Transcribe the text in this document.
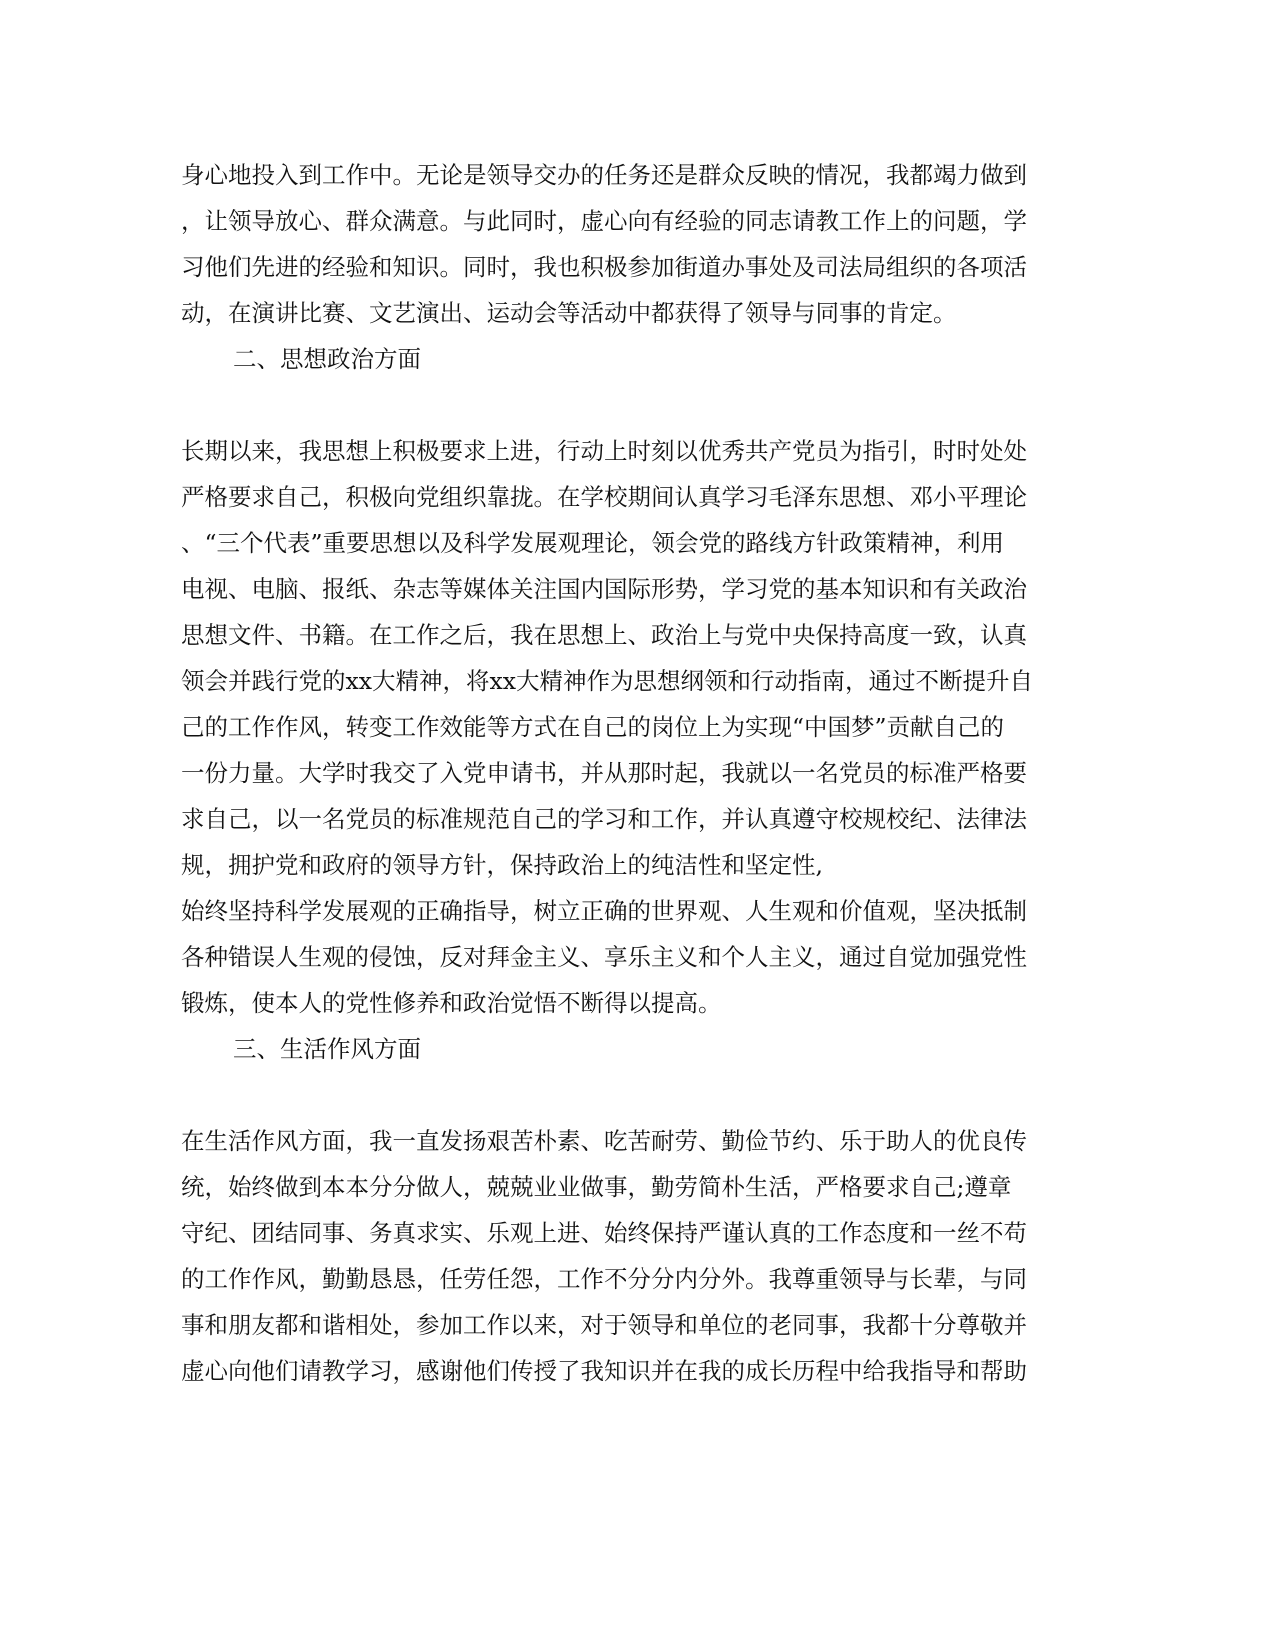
身心地投入到工作中。无论是领导交办的任务还是群众反映的情况，我都竭力做到
，让领导放心、群众满意。与此同时，虚心向有经验的同志请教工作上的问题，学
习他们先进的经验和知识。同时，我也积极参加街道办事处及司法局组织的各项活
动，在演讲比赛、文艺演出、运动会等活动中都获得了领导与同事的肯定。
二、思想政治方面
长期以来，我思想上积极要求上进，行动上时刻以优秀共产党员为指引，时时处处
严格要求自己，积极向党组织靠拢。在学校期间认真学习毛泽东思想、邓小平理论
、“三个代表”重要思想以及科学发展观理论，领会党的路线方针政策精神，利用
电视、电脑、报纸、杂志等媒体关注国内国际形势，学习党的基本知识和有关政治
思想文件、书籍。在工作之后，我在思想上、政治上与党中央保持高度一致，认真
领会并践行党的xx大精神，将xx大精神作为思想纲领和行动指南，通过不断提升自
己的工作作风，转变工作效能等方式在自己的岗位上为实现“中国梦”贡献自己的
一份力量。大学时我交了入党申请书，并从那时起，我就以一名党员的标准严格要
求自己，以一名党员的标准规范自己的学习和工作，并认真遵守校规校纪、法律法
规，拥护党和政府的领导方针，保持政治上的纯洁性和坚定性,
始终坚持科学发展观的正确指导，树立正确的世界观、人生观和价值观，坚决抵制
各种错误人生观的侵蚀，反对拜金主义、享乐主义和个人主义，通过自觉加强党性
锻炼，使本人的党性修养和政治觉悟不断得以提高。
三、生活作风方面
在生活作风方面，我一直发扬艰苦朴素、吃苦耐劳、勤俭节约、乐于助人的优良传
统，始终做到本本分分做人，兢兢业业做事，勤劳简朴生活，严格要求自己;遵章
守纪、团结同事、务真求实、乐观上进、始终保持严谨认真的工作态度和一丝不苟
的工作作风，勤勤恳恳，任劳任怨，工作不分分内分外。我尊重领导与长辈，与同
事和朋友都和谐相处，参加工作以来，对于领导和单位的老同事，我都十分尊敬并
虚心向他们请教学习，感谢他们传授了我知识并在我的成长历程中给我指导和帮助
